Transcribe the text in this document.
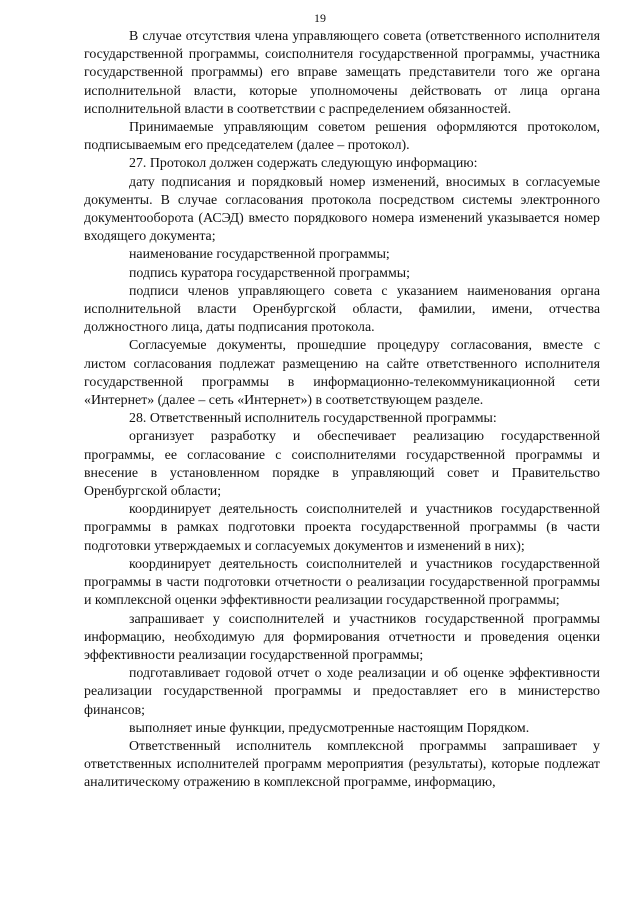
19

В случае отсутствия члена управляющего совета (ответственного исполнителя государственной программы, соисполнителя государственной программы, участника государственной программы) его вправе замещать представители того же органа исполнительной власти, которые уполномочены действовать от лица органа исполнительной власти в соответствии с распределением обязанностей.

Принимаемые управляющим советом решения оформляются протоколом, подписываемым его председателем (далее – протокол).

27. Протокол должен содержать следующую информацию:

дату подписания и порядковый номер изменений, вносимых в согласуемые документы. В случае согласования протокола посредством системы электронного документооборота (АСЭД) вместо порядкового номера изменений указывается номер входящего документа;

наименование государственной программы;

подпись куратора государственной программы;

подписи членов управляющего совета с указанием наименования органа исполнительной власти Оренбургской области, фамилии, имени, отчества должностного лица, даты подписания протокола.

Согласуемые документы, прошедшие процедуру согласования, вместе с листом согласования подлежат размещению на сайте ответственного исполнителя государственной программы в информационно-телекоммуникационной сети «Интернет» (далее – сеть «Интернет») в соответствующем разделе.

28. Ответственный исполнитель государственной программы:

организует разработку и обеспечивает реализацию государственной программы, ее согласование с соисполнителями государственной программы и внесение в установленном порядке в управляющий совет и Правительство Оренбургской области;

координирует деятельность соисполнителей и участников государственной программы в рамках подготовки проекта государственной программы (в части подготовки утверждаемых и согласуемых документов и изменений в них);

координирует деятельность соисполнителей и участников государственной программы в части подготовки отчетности о реализации государственной программы и комплексной оценки эффективности реализации государственной программы;

запрашивает у соисполнителей и участников государственной программы информацию, необходимую для формирования отчетности и проведения оценки эффективности реализации государственной программы;

подготавливает годовой отчет о ходе реализации и об оценке эффективности реализации государственной программы и предоставляет его в министерство финансов;

выполняет иные функции, предусмотренные настоящим Порядком.

Ответственный исполнитель комплексной программы запрашивает у ответственных исполнителей программ мероприятия (результаты), которые подлежат аналитическому отражению в комплексной программе, информацию,
